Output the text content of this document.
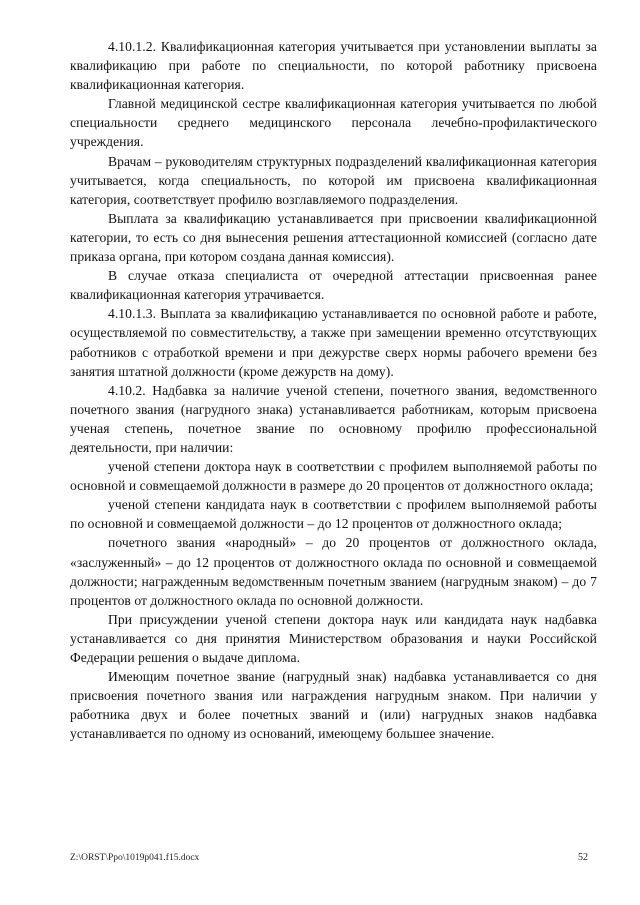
4.10.1.2. Квалификационная категория учитывается при установлении выплаты за квалификацию при работе по специальности, по которой работнику присвоена квалификационная категория.

Главной медицинской сестре квалификационная категория учитывается по любой специальности среднего медицинского персонала лечебно-профилактического учреждения.

Врачам – руководителям структурных подразделений квалификационная категория учитывается, когда специальность, по которой им присвоена квалификационная категория, соответствует профилю возглавляемого подразделения.

Выплата за квалификацию устанавливается при присвоении квалификационной категории, то есть со дня вынесения решения аттестационной комиссией (согласно дате приказа органа, при котором создана данная комиссия).

В случае отказа специалиста от очередной аттестации присвоенная ранее квалификационная категория утрачивается.

4.10.1.3. Выплата за квалификацию устанавливается по основной работе и работе, осуществляемой по совместительству, а также при замещении временно отсутствующих работников с отработкой времени и при дежурстве сверх нормы рабочего времени без занятия штатной должности (кроме дежурств на дому).

4.10.2. Надбавка за наличие ученой степени, почетного звания, ведомственного почетного звания (нагрудного знака) устанавливается работникам, которым присвоена ученая степень, почетное звание по основному профилю профессиональной деятельности, при наличии:

ученой степени доктора наук в соответствии с профилем выполняемой работы по основной и совмещаемой должности в размере до 20 процентов от должностного оклада;

ученой степени кандидата наук в соответствии с профилем выполняемой работы по основной и совмещаемой должности – до 12 процентов от должностного оклада;

почетного звания «народный» – до 20 процентов от должностного оклада, «заслуженный» – до 12 процентов от должностного оклада по основной и совмещаемой должности; награжденным ведомственным почетным званием (нагрудным знаком) – до 7 процентов от должностного оклада по основной должности.

При присуждении ученой степени доктора наук или кандидата наук надбавка устанавливается со дня принятия Министерством образования и науки Российской Федерации решения о выдаче диплома.

Имеющим почетное звание (нагрудный знак) надбавка устанавливается со дня присвоения почетного звания или награждения нагрудным знаком. При наличии у работника двух и более почетных званий и (или) нагрудных знаков надбавка устанавливается по одному из оснований, имеющему большее значение.

Z:\ORST\Ppo\1019p041.f15.docx	52
